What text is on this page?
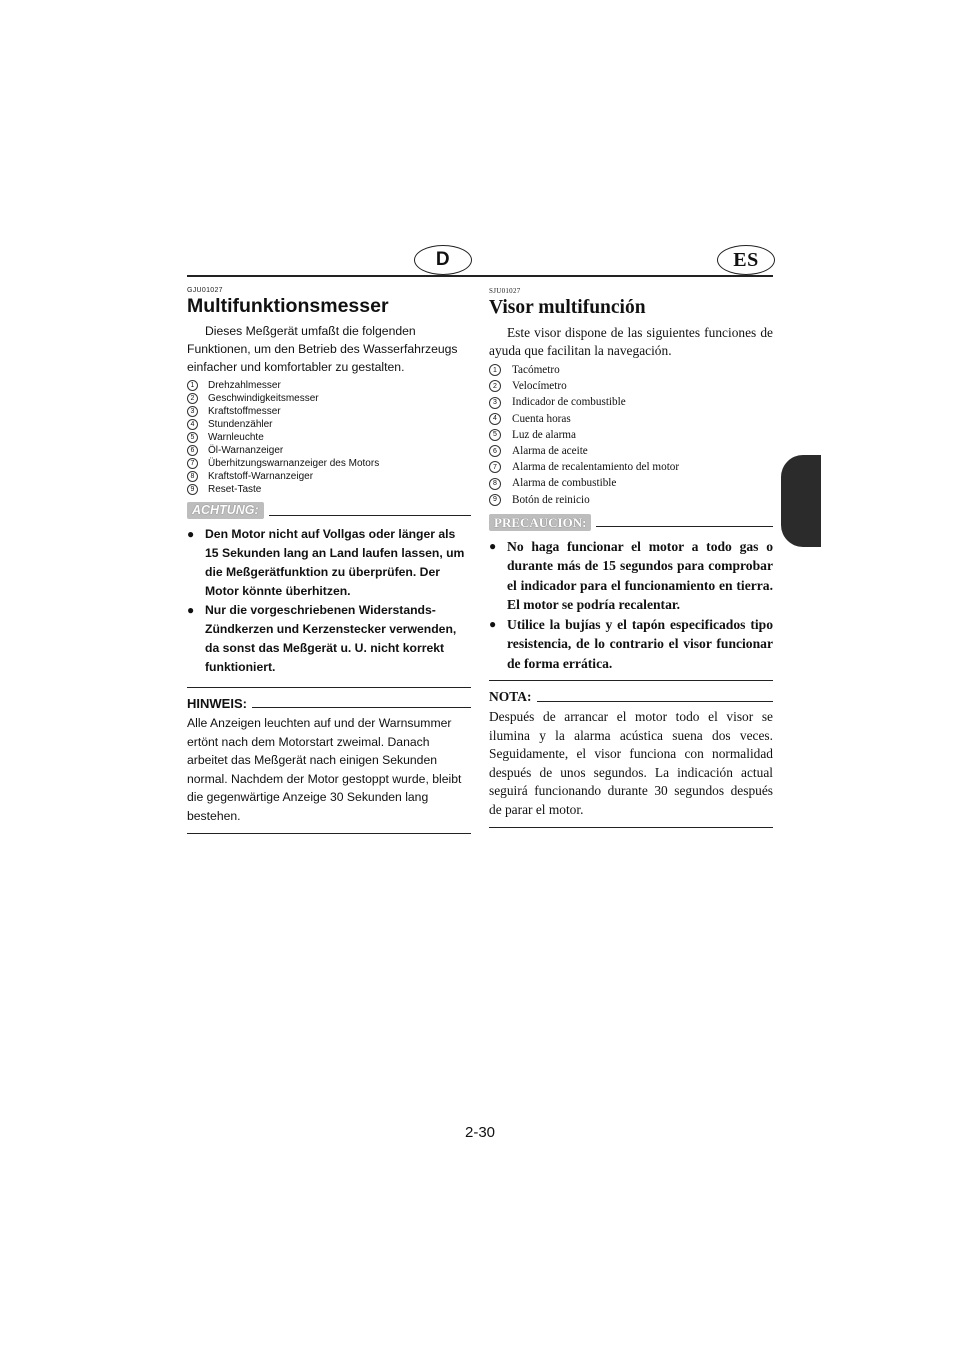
D	ES
GJU01027
Multifunktionsmesser

Dieses Meßgerät umfaßt die folgenden Funktionen, um den Betrieb des Wasserfahrzeugs einfacher und komfortabler zu gestalten.

1	Drehzahlmesser
2	Geschwindigkeitsmesser
3	Kraftstoffmesser
4	Stundenzähler
5	Warnleuchte
6	Öl-Warnanzeiger
7	Überhitzungswarnanzeiger des Motors
8	Kraftstoff-Warnanzeiger
9	Reset-Taste
ACHTUNG:
● Den Motor nicht auf Vollgas oder länger als 15 Sekunden lang an Land laufen lassen, um die Meßgerätfunktion zu überprüfen. Der Motor könnte überhitzen.
● Nur die vorgeschriebenen Widerstands-Zündkerzen und Kerzenstecker verwenden, da sonst das Meßgerät u. U. nicht korrekt funktioniert.
HINWEIS:

Alle Anzeigen leuchten auf und der Warnsummer ertönt nach dem Motorstart zweimal. Danach arbeitet das Meßgerät nach einigen Sekunden normal. Nachdem der Motor gestoppt wurde, bleibt die gegenwärtige Anzeige 30 Sekunden lang bestehen.

SJU01027
Visor multifunción

Este visor dispone de las siguientes funciones de ayuda que facilitan la navegación.

1	Tacómetro
2	Velocímetro
3	Indicador de combustible
4	Cuenta horas
5	Luz de alarma
6	Alarma de aceite
7	Alarma de recalentamiento del motor
8	Alarma de combustible
9	Botón de reinicio
PRECAUCION:
● No haga funcionar el motor a todo gas o durante más de 15 segundos para comprobar el indicador para el funcionamiento en tierra. El motor se podría recalentar.
● Utilice la bujías y el tapón especificados tipo resistencia, de lo contrario el visor funcionar de forma errática.
NOTA:

Después de arrancar el motor todo el visor se ilumina y la alarma acústica suena dos veces. Seguidamente, el visor funciona con normalidad después de unos segundos. La indicación actual seguirá funcionando durante 30 segundos después de parar el motor.

2-30
